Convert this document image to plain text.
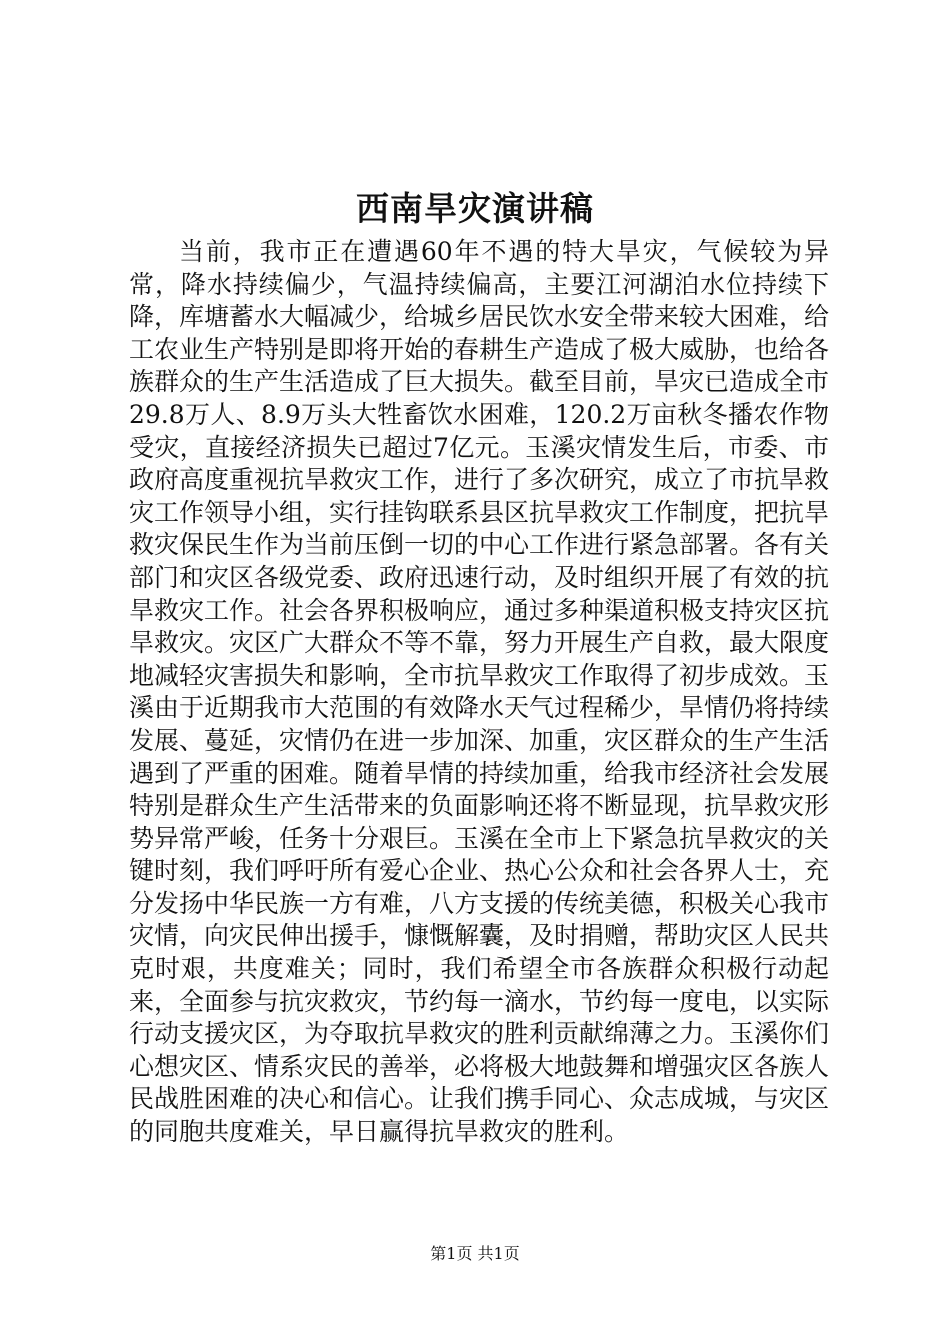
西南旱灾演讲稿

当前，我市正在遭遇60年不遇的特大旱灾，气候较为异常，降水持续偏少，气温持续偏高，主要江河湖泊水位持续下降，库塘蓄水大幅减少，给城乡居民饮水安全带来较大困难，给工农业生产特别是即将开始的春耕生产造成了极大威胁，也给各族群众的生产生活造成了巨大损失。截至目前，旱灾已造成全市29.8万人、8.9万头大牲畜饮水困难，120.2万亩秋冬播农作物受灾，直接经济损失已超过7亿元。玉溪灾情发生后，市委、市政府高度重视抗旱救灾工作，进行了多次研究，成立了市抗旱救灾工作领导小组，实行挂钩联系县区抗旱救灾工作制度，把抗旱救灾保民生作为当前压倒一切的中心工作进行紧急部署。各有关部门和灾区各级党委、政府迅速行动，及时组织开展了有效的抗旱救灾工作。社会各界积极响应，通过多种渠道积极支持灾区抗旱救灾。灾区广大群众不等不靠，努力开展生产自救，最大限度地减轻灾害损失和影响，全市抗旱救灾工作取得了初步成效。玉溪由于近期我市大范围的有效降水天气过程稀少，旱情仍将持续发展、蔓延，灾情仍在进一步加深、加重，灾区群众的生产生活遇到了严重的困难。随着旱情的持续加重，给我市经济社会发展特别是群众生产生活带来的负面影响还将不断显现，抗旱救灾形势异常严峻，任务十分艰巨。玉溪在全市上下紧急抗旱救灾的关键时刻，我们呼吁所有爱心企业、热心公众和社会各界人士，充分发扬中华民族一方有难，八方支援的传统美德，积极关心我市灾情，向灾民伸出援手，慷慨解囊，及时捐赠，帮助灾区人民共克时艰，共度难关；同时，我们希望全市各族群众积极行动起来，全面参与抗灾救灾，节约每一滴水，节约每一度电，以实际行动支援灾区，为夺取抗旱救灾的胜利贡献绵薄之力。玉溪你们心想灾区、情系灾民的善举，必将极大地鼓舞和增强灾区各族人民战胜困难的决心和信心。让我们携手同心、众志成城，与灾区的同胞共度难关，早日赢得抗旱救灾的胜利。

第1页 共1页
